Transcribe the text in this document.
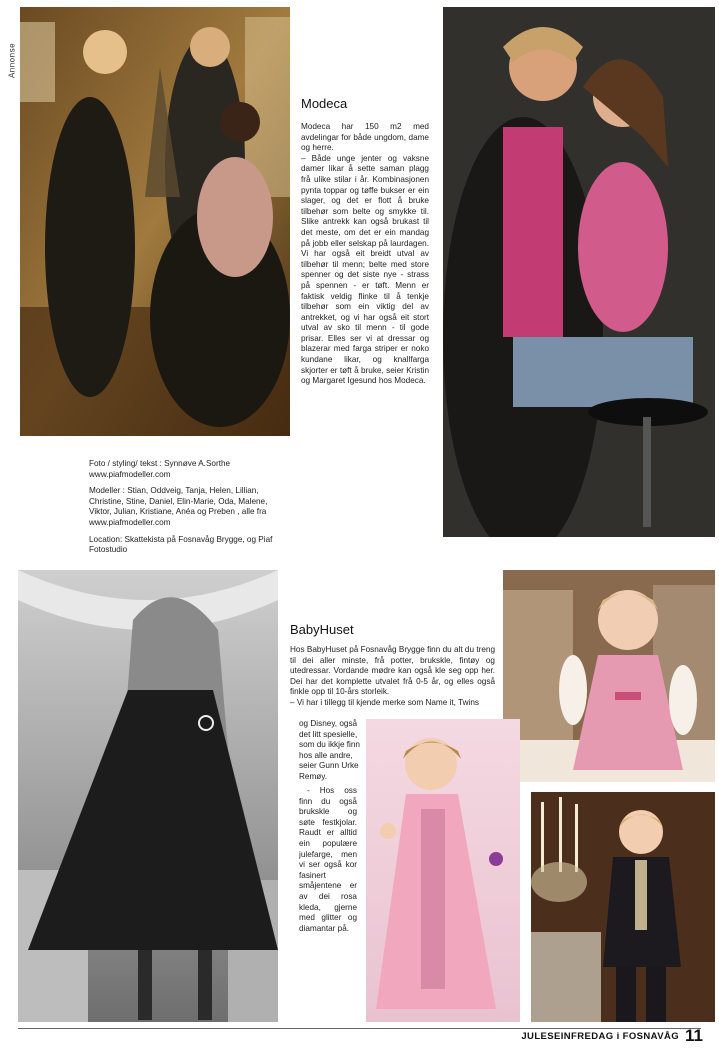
Annonse
Modeca

Modeca har 150 m2 med avdelingar for både ungdom, dame og herre.

– Både unge jenter og vaksne damer likar å sette saman plagg frå ulike stilar i år. Kombinasjonen pynta toppar og tøffe bukser er ein slager, og det er flott å bruke tilbehør som belte og smykke til. Slike antrekk kan også brukast til det meste, om det er ein mandag på jobb eller selskap på laurdagen. Vi har også eit breidt utval av tilbehør til menn; belte med store spenner og det siste nye - strass på spennen - er tøft. Menn er faktisk veldig flinke til å tenkje tilbehør som ein viktig del av antrekket, og vi har også eit stort utval av sko til menn - til gode prisar. Elles ser vi at dressar og blazerar med farga striper er noko kundane likar, og knallfarga skjorter er tøft å bruke, seier Kristin og Margaret Igesund hos Modeca.

Foto / styling/ tekst : Synnøve A.Sorthe
www.piafmodeller.com

Modeller : Stian, Oddveig, Tanja, Helen, Lillian, Christine, Stine, Daniel, Elin-Marie, Oda, Malene, Viktor, Julian, Kristiane, Anéa og Preben , alle fra www.piafmodeller.com

Location: Skattekista på Fosnavåg Brygge, og Piaf Fotostudio

BabyHuset

Hos BabyHuset på Fosnavåg Brygge finn du alt du treng til dei aller minste, frå potter, brukskle, fintøy og utedressar. Vordande mødre kan også kle seg opp her. Dei har det komplette utvalet frå 0-5 år, og elles også finkle opp til 10-års storleik.

– Vi har i tillegg til kjende merke som Name it, Twins

og Disney, også

det litt spesielle,

som du ikkje finn

hos alle andre,

seier Gunn Urke

Remøy.

- Hos oss finn du også brukskle og søte festkjolar. Raudt er alltid ein populære julefarge, men vi ser også kor fasinert småjentene er av dei rosa kleda, gjerne med glitter og diamantar på.

JULESEINFREDAG i FOSNAVÅG 11
